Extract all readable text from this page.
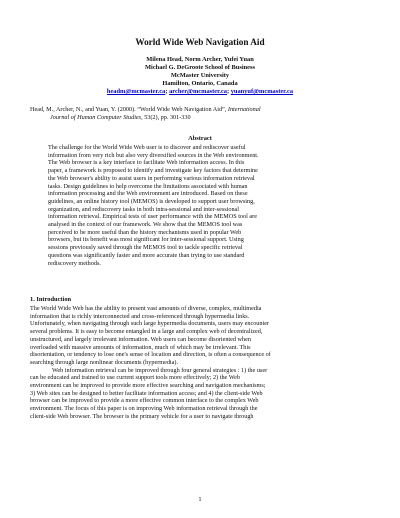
World Wide Web Navigation Aid
Milena Head, Norm Archer, Yufei Yuan
Michael G. DeGroote School of Business
McMaster University
Hamilton, Ontario, Canada
headm@mcmaster.ca; archer@mcmaster.ca; yuanyuf@mcmaster.ca
Head, M., Archer, N., and Yuan, Y. (2000). “World Wide Web Navigation Aid”, International
Journal of Human Computer Studies, 53(2), pp. 301-330
Abstract
The challenge for the World Wide Web user is to discover and rediscover useful
information from very rich but also very diversified sources in the Web environment.
The Web browser is a key interface to facilitate Web information access. In this
paper, a framework is proposed to identify and investigate key factors that determine
the Web browser's ability to assist users in performing various information retrieval
tasks. Design guidelines to help overcome the limitations associated with human
information processing and the Web environment are introduced. Based on these
guidelines, an online history tool (MEMOS) is developed to support user browsing,
organization, and rediscovery tasks in both intra-sessional and inter-sessional
information retrieval. Empirical tests of user performance with the MEMOS tool are
analysed in the context of our framework. We show that the MEMOS tool was
perceived to be more useful than the history mechanisms used in popular Web
browsers, but its benefit was most significant for inter-sessional support. Using
sessions previously saved through the MEMOS tool to tackle specific retrieval
questions was significantly faster and more accurate than trying to use standard
rediscovery methods.
1. Introduction
The World Wide Web has the ability to present vast amounts of diverse, complex, multimedia
information that is richly interconnected and cross-referenced through hypermedia links.
Unfortunately, when navigating through such large hypermedia documents, users may encounter
several problems. It is easy to become entangled in a large and complex web of decentralized,
unstructured, and largely irrelevant information. Web users can become disoriented when
overloaded with massive amounts of information, much of which may be irrelevant. This
disorientation, or tendency to lose one's sense of location and direction, is often a consequence of
searching through large nonlinear documents (hypermedia).
Web information retrieval can be improved through four general strategies : 1) the user
can be educated and trained to use current support tools more effectively; 2) the Web
environment can be improved to provide more effective searching and navigation mechanisms;
3) Web sites can be designed to better facilitate information access; and 4) the client-side Web
browser can be improved to provide a more effective common interface to the complex Web
environment. The focus of this paper is on improving Web information retrieval through the
client-side Web browser. The browser is the primary vehicle for a user to navigate through
1
